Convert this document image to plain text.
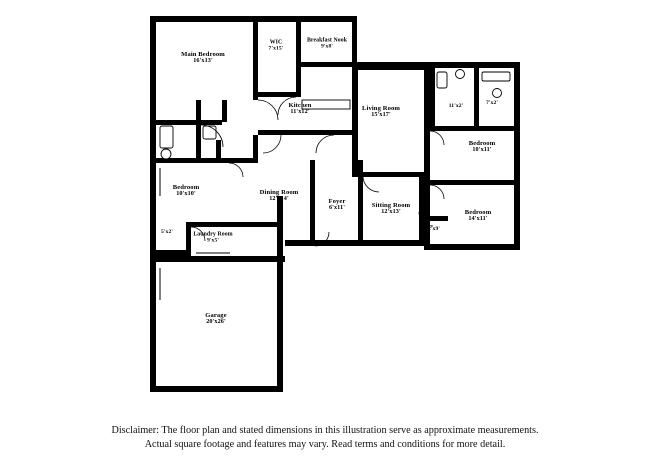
Main Bedroom
16'x13'
WIC
7'x15'
Breakfast Nook
9'x8'
Kitchen
11'x12'	Living Room
15'x17'
11'x2'	7'x2'
Bedroom
10'x11'
Bedroom
14'x11'
Sitting Room
12'x13'
Foyer
6'x11'
2'x9'
Dining Room
12'x14'
Bedroom
10'x10'
5'x2'	Laundry Room
9'x5'
Garage
20'x26'
Disclaimer: The floor plan and stated dimensions in this illustration serve as approximate measurements.
Actual square footage and features may vary. Read terms and conditions for more detail.
